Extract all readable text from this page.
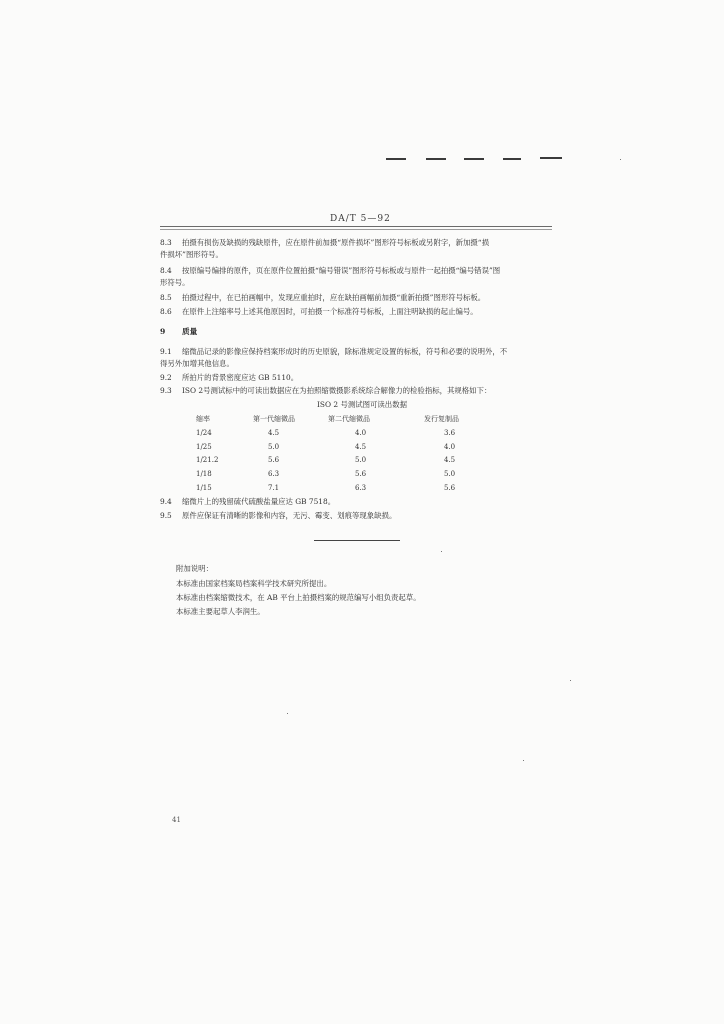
DA/T 5—92
8.3 拍摄有损伤及缺损的残缺原件，应在原件前加摄“原件损坏”图形符号标板或另附字，新加摄“损
件损坏”图形符号。
8.4 按原编号编排的原件，页在原件位置拍摄“编号错误”图形符号标板或与原件一起拍摄“编号错误”图
形符号。
8.5 拍摄过程中，在已拍画幅中，发现应重拍时，应在缺拍画幅前加摄“重新拍摄”图形符号标板。
8.6 在原件上注缩率号上述其他原因时，可拍摄一个标准符号标板，上面注明缺损的起止编号。
9 质量
9.1 缩微品记录的影像应保持档案形成时的历史原貌，除标准规定设置的标板，符号和必要的说明外，不
得另外加增其他信息。
9.2 所拍片的背景密度应达 GB 5110。
9.3 ISO 2号测试标中的可读出数据应在为拍照缩微摄影系统综合解像力的检验指标，其规格如下：
ISO 2 号测试图可读出数据
缩率	第一代缩微品	第二代缩微品	发行复制品
1/24	4.5	4.0	3.6
1/25	5.0	4.5	4.0
1/21.2	5.6	5.0	4.5
1/18	6.3	5.6	5.0
1/15	7.1	6.3	5.6
9.4 缩微片上的残留硫代硫酸盐量应达 GB 7518。
9.5 原件应保证有清晰的影像和内容，无污、霉变、划痕等现象缺损。
附加说明：
本标准由国家档案局档案科学技术研究所提出。
本标准由档案缩微技术，在 AB 平台上拍摄档案的规范编写小组负责起草。
本标准主要起草人李润生。
41
